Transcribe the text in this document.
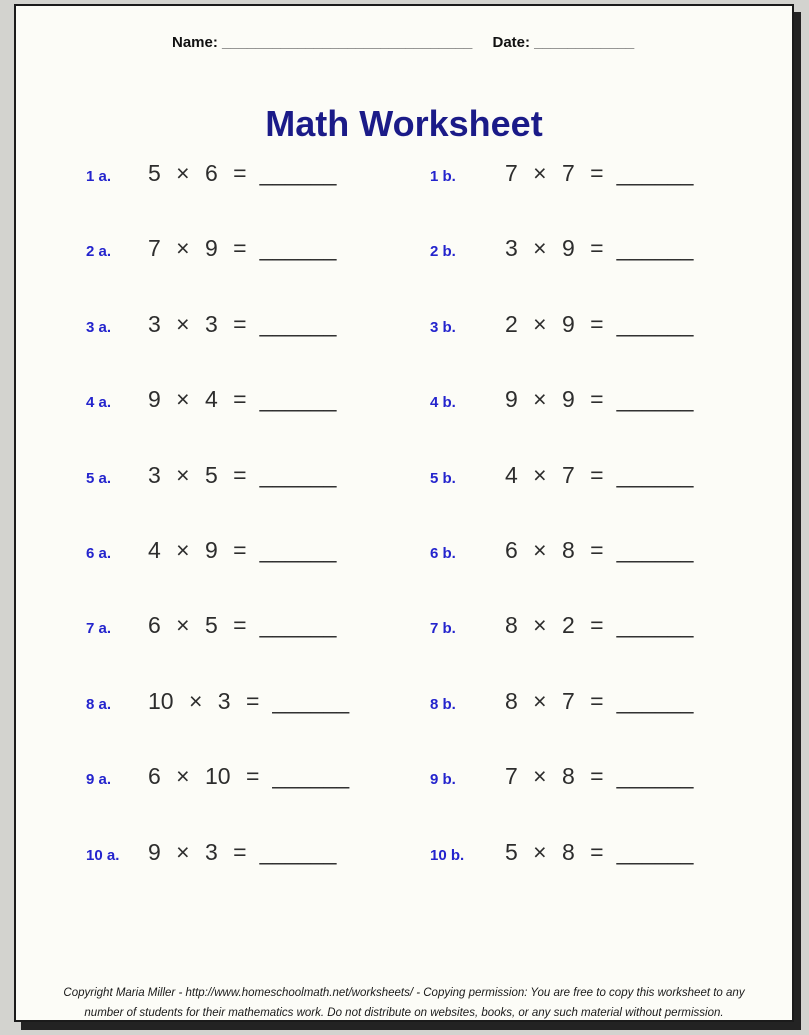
Name: ______________________________ Date: ____________
Math Worksheet
1 a.	5 × 6 = ______	1 b.	7 × 7 = ______
2 a.	7 × 9 = ______	2 b.	3 × 9 = ______
3 a.	3 × 3 = ______	3 b.	2 × 9 = ______
4 a.	9 × 4 = ______	4 b.	9 × 9 = ______
5 a.	3 × 5 = ______	5 b.	4 × 7 = ______
6 a.	4 × 9 = ______	6 b.	6 × 8 = ______
7 a.	6 × 5 = ______	7 b.	8 × 2 = ______
8 a.	10 × 3 = ______	8 b.	8 × 7 = ______
9 a.	6 × 10 = ______	9 b.	7 × 8 = ______
10 a.	9 × 3 = ______	10 b.	5 × 8 = ______
Copyright Maria Miller - http://www.homeschoolmath.net/worksheets/ - Copying permission: You are free to copy this worksheet to any
number of students for their mathematics work. Do not distribute on websites, books, or any such material without permission.
